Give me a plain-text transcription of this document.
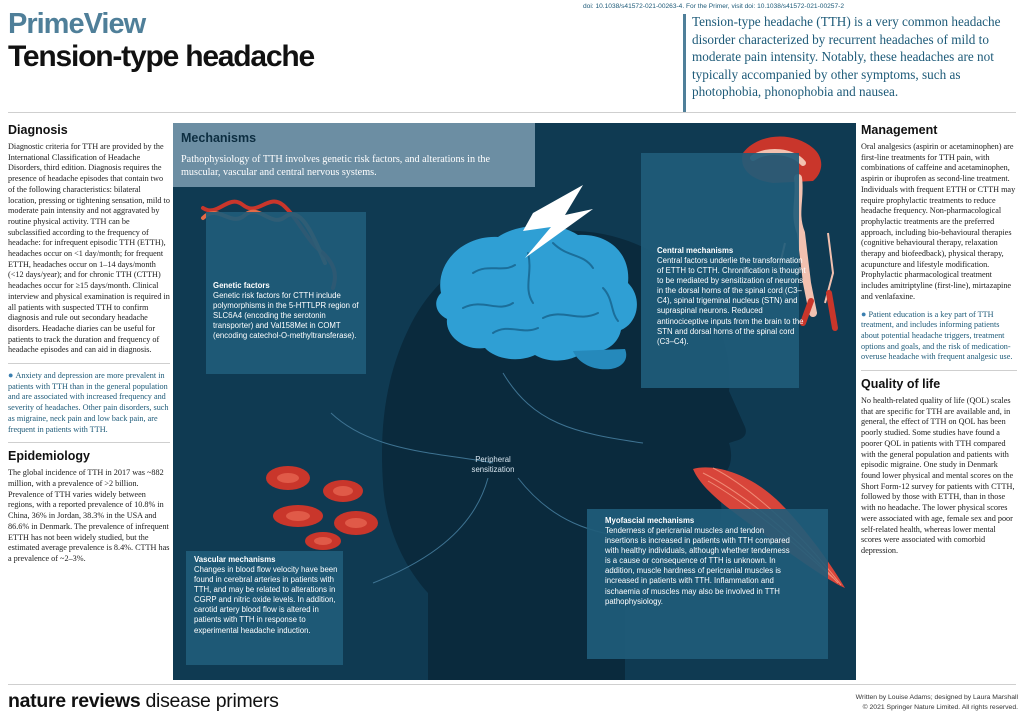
doi: 10.1038/s41572-021-00263-4. For the Primer, visit doi: 10.1038/s41572-021-00257-2
PrimeView
Tension-type headache
Tension-type headache (TTH) is a very common headache disorder characterized by recurrent headaches of mild to moderate pain intensity. Notably, these headaches are not typically accompanied by other symptoms, such as photophobia, phonophobia and nausea.
Diagnosis

Diagnostic criteria for TTH are provided by the International Classification of Headache Disorders, third edition. Diagnosis requires the presence of headache episodes that contain two of the following characteristics: bilateral location, pressing or tightening sensation, mild to moderate pain intensity and not aggravated by routine physical activity. TTH can be subclassified according to the frequency of headache: for infrequent episodic TTH (ETTH), headaches occur on <1 day/month; for frequent ETTH, headaches occur on 1–14 days/month (<12 days/year); and for chronic TTH (CTTH) headaches occur for ≥15 days/month. Clinical interview and physical examination is required in all patients with suspected TTH to confirm diagnosis and rule out secondary headache disorders. Headache diaries can be useful for patients to track the duration and frequency of headache episodes and can aid in diagnosis.

● Anxiety and depression are more prevalent in patients with TTH than in the general population and are associated with increased frequency and severity of headaches. Other pain disorders, such as migraine, neck pain and low back pain, are frequent in patients with TTH.

Epidemiology

The global incidence of TTH in 2017 was ~882 million, with a prevalence of >2 billion. Prevalence of TTH varies widely between regions, with a reported prevalence of 10.8% in China, 36% in Jordan, 38.3% in the USA and 86.6% in Denmark. The prevalence of infrequent ETTH has not been widely studied, but the estimated average prevalence is 8.4%. CTTH has a prevalence of ~2–3%.

Mechanisms
Pathophysiology of TTH involves genetic risk factors, and alterations in the muscular, vascular and central nervous systems.
Genetic factors
Genetic risk factors for CTTH include polymorphisms in the 5-HTTLPR region of SLC6A4 (encoding the serotonin transporter) and Val158Met in COMT (encoding catechol-O-methyltransferase).
Central mechanisms
Central factors underlie the transformation of ETTH to CTTH. Chronification is thought to be mediated by sensitization of neurons in the dorsal horns of the spinal cord (C3–C4), spinal trigeminal nucleus (STN) and supraspinal neurons. Reduced antinociceptive inputs from the brain to the STN and dorsal horns of the spinal cord (C3–C4).
Peripheral sensitization
Vascular mechanisms
Changes in blood flow velocity have been found in cerebral arteries in patients with TTH, and may be related to alterations in CGRP and nitric oxide levels. In addition, carotid artery blood flow is altered in patients with TTH in response to experimental headache induction.
Myofascial mechanisms
Tenderness of pericranial muscles and tendon insertions is increased in patients with TTH compared with healthy individuals, although whether tenderness is a cause or consequence of TTH is unknown. In addition, muscle hardness of pericranial muscles is increased in patients with TTH. Inflammation and ischaemia of muscles may also be involved in TTH pathophysiology.
Management

Oral analgesics (aspirin or acetaminophen) are first-line treatments for TTH pain, with combinations of caffeine and acetaminophen, aspirin or ibuprofen as second-line treatment. Individuals with frequent ETTH or CTTH may require prophylactic treatments to reduce headache frequency. Non-pharmacological prophylactic treatments are the preferred approach, including bio-behavioural therapies (cognitive behavioural therapy, relaxation therapy and biofeedback), physical therapy, acupuncture and lifestyle modification. Prophylactic pharmacological treatment includes amitriptyline (first-line), mirtazapine and venlafaxine.

● Patient education is a key part of TTH treatment, and includes informing patients about potential headache triggers, treatment options and goals, and the risk of medication-overuse headache with frequent analgesic use.

Quality of life

No health-related quality of life (QOL) scales that are specific for TTH are available and, in general, the effect of TTH on QOL has been poorly studied. Some studies have found a poorer QOL in patients with TTH compared with the general population and patients with episodic migraine. One study in Denmark found lower physical and mental scores on the Short Form-12 survey for patients with CTTH, followed by those with ETTH, than in those with no headache. The lower physical scores were associated with age, female sex and poor self-related health, whereas lower mental scores were associated with comorbid depression.

nature reviews disease primers	Written by Louise Adams; designed by Laura Marshall
© 2021 Springer Nature Limited. All rights reserved.
